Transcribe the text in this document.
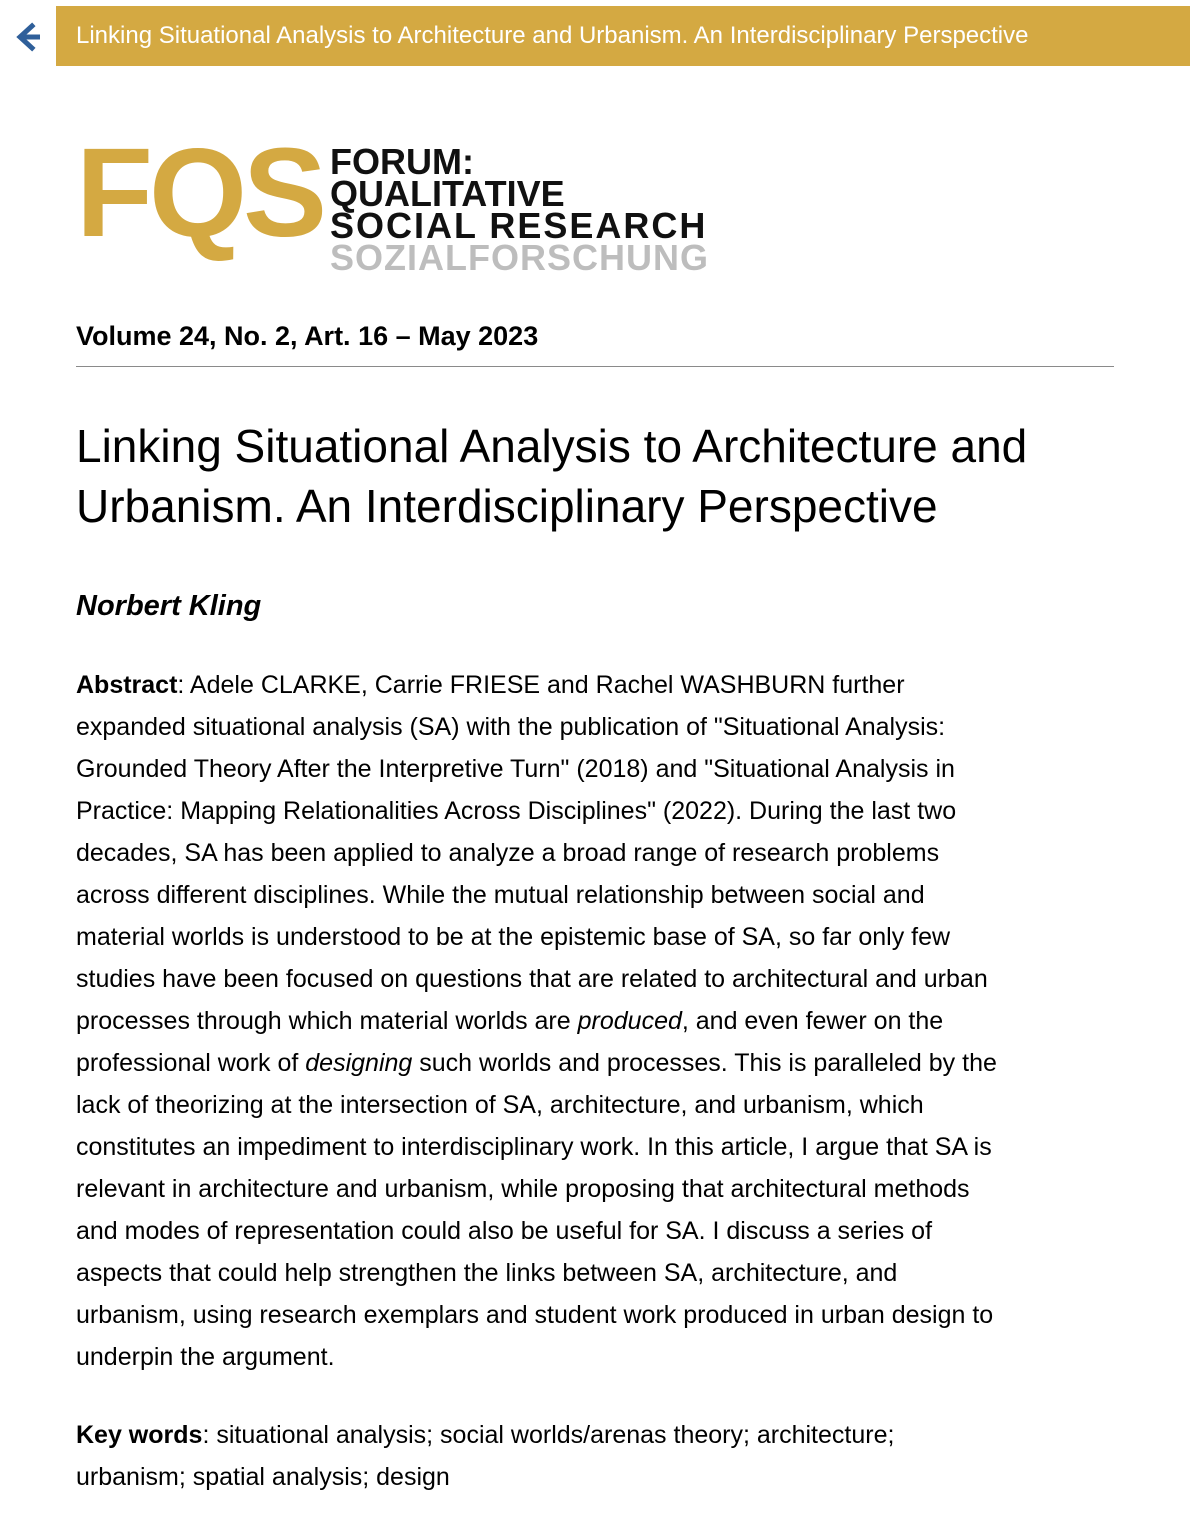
Linking Situational Analysis to Architecture and Urbanism. An Interdisciplinary Perspective
FQS FORUM: QUALITATIVE
SOCIAL RESEARCH
SOZIALFORSCHUNG
Volume 24, No. 2, Art. 16 – May 2023
Linking Situational Analysis to Architecture and
Urbanism. An Interdisciplinary Perspective
Norbert Kling

Abstract: Adele CLARKE, Carrie FRIESE and Rachel WASHBURN further
expanded situational analysis (SA) with the publication of "Situational Analysis:
Grounded Theory After the Interpretive Turn" (2018) and "Situational Analysis in
Practice: Mapping Relationalities Across Disciplines" (2022). During the last two
decades, SA has been applied to analyze a broad range of research problems
across different disciplines. While the mutual relationship between social and
material worlds is understood to be at the epistemic base of SA, so far only few
studies have been focused on questions that are related to architectural and urban
processes through which material worlds are produced, and even fewer on the
professional work of designing such worlds and processes. This is paralleled by the
lack of theorizing at the intersection of SA, architecture, and urbanism, which
constitutes an impediment to interdisciplinary work. In this article, I argue that SA is
relevant in architecture and urbanism, while proposing that architectural methods
and modes of representation could also be useful for SA. I discuss a series of
aspects that could help strengthen the links between SA, architecture, and
urbanism, using research exemplars and student work produced in urban design to
underpin the argument.

Key words: situational analysis; social worlds/arenas theory; architecture;
urbanism; spatial analysis; design
